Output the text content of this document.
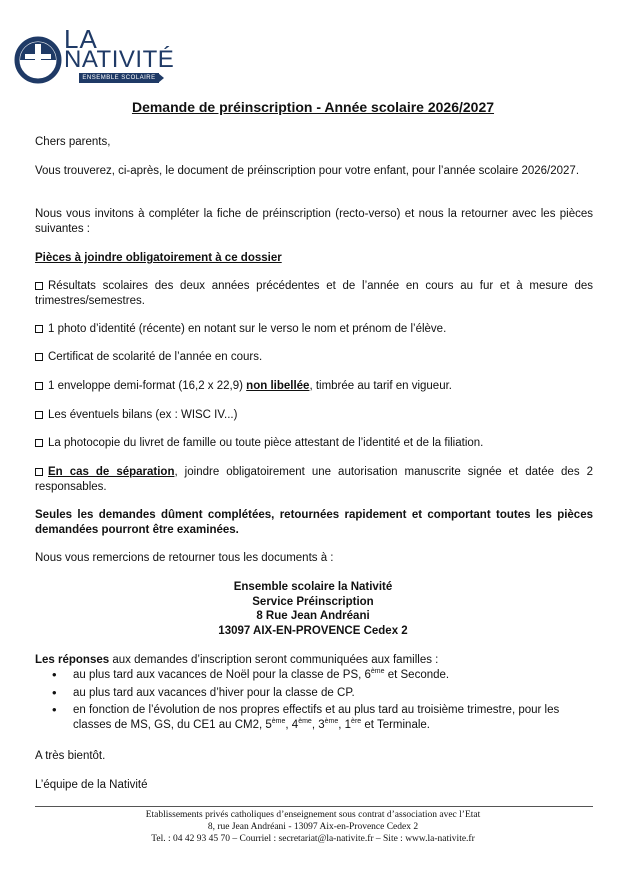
LA
NATIVITÉ
ENSEMBLE SCOLAIRE
Demande de préinscription - Année scolaire 2026/2027
Chers parents,
Vous trouverez, ci-après, le document de préinscription pour votre enfant, pour l’année scolaire 2026/2027.
Nous vous invitons à compléter la fiche de préinscription (recto-verso) et nous la retourner avec les pièces suivantes :
Pièces à joindre obligatoirement à ce dossier
Résultats scolaires des deux années précédentes et de l’année en cours au fur et à mesure des trimestres/semestres.
1 photo d’identité (récente) en notant sur le verso le nom et prénom de l’élève.
Certificat de scolarité de l’année en cours.
1 enveloppe demi-format (16,2 x 22,9) non libellée, timbrée au tarif en vigueur.
Les éventuels bilans (ex : WISC IV...)
La photocopie du livret de famille ou toute pièce attestant de l’identité et de la filiation.
En cas de séparation, joindre obligatoirement une autorisation manuscrite signée et datée des 2 responsables.
Seules les demandes dûment complétées, retournées rapidement et comportant toutes les pièces demandées pourront être examinées.
Nous vous remercions de retourner tous les documents à :
Ensemble scolaire la Nativité
Service Préinscription
8 Rue Jean Andréani
13097 AIX-EN-PROVENCE Cedex 2
Les réponses aux demandes d’inscription seront communiquées aux familles :
• au plus tard aux vacances de Noël pour la classe de PS, 6ème et Seconde.
• au plus tard aux vacances d’hiver pour la classe de CP.
• en fonction de l’évolution de nos propres effectifs et au plus tard au troisième trimestre, pour les classes de MS, GS, du CE1 au CM2, 5ème, 4ème, 3ème, 1ère et Terminale.
A très bientôt.
L’équipe de la Nativité
Etablissements privés catholiques d’enseignement sous contrat d’association avec l’Etat
8, rue Jean Andréani - 13097 Aix-en-Provence Cedex 2
Tel. : 04 42 93 45 70 – Courriel : secretariat@la-nativite.fr – Site : www.la-nativite.fr
